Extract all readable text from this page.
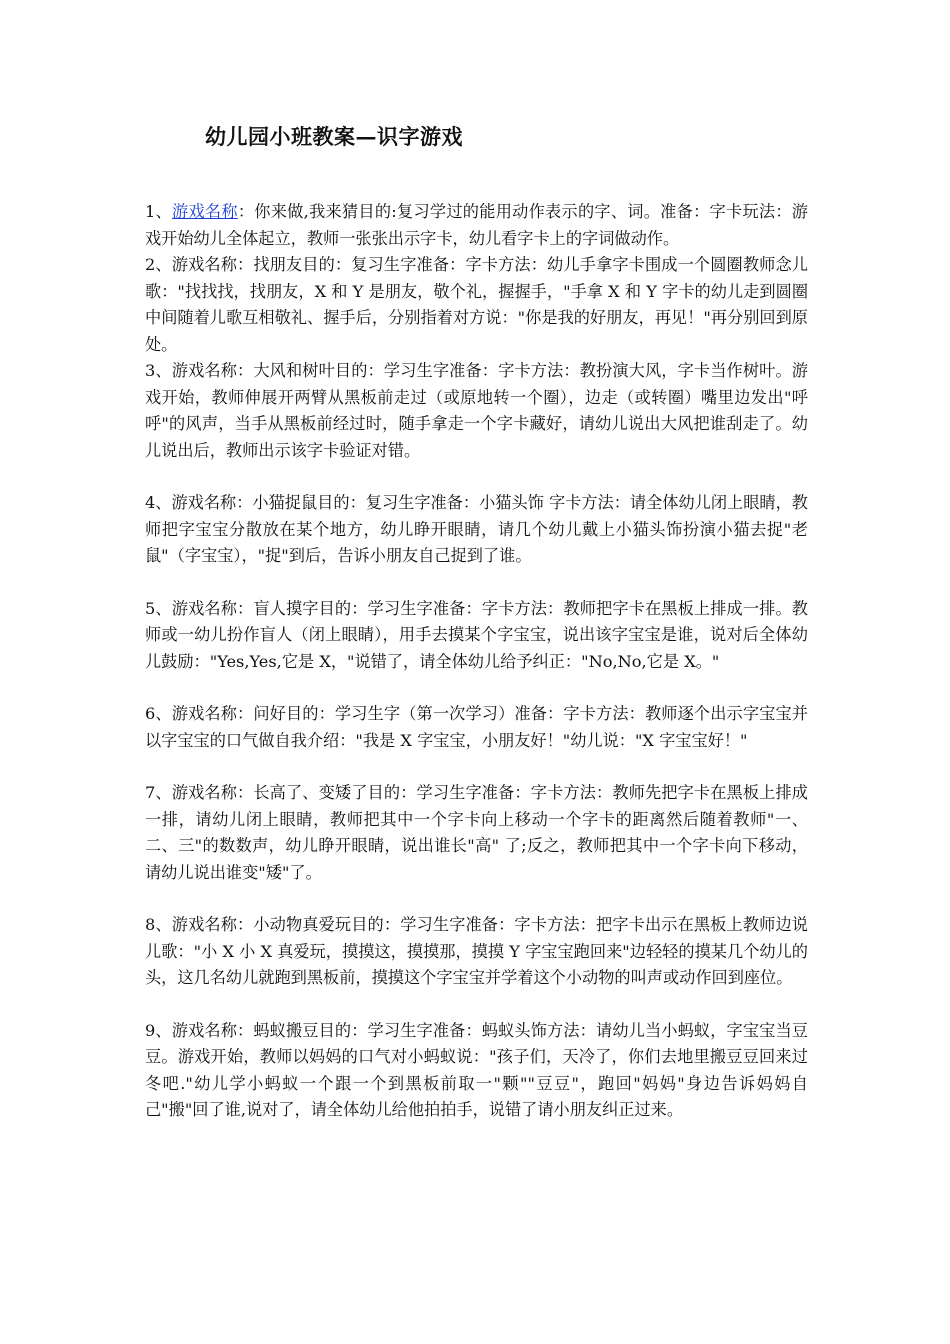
幼儿园小班教案—识字游戏

1、游戏名称：你来做,我来猜目的:复习学过的能用动作表示的字、词。准备：字卡玩法：游戏开始幼儿全体起立，教师一张张出示字卡，幼儿看字卡上的字词做动作。

2、游戏名称：找朋友目的：复习生字准备：字卡方法：幼儿手拿字卡围成一个圆圈教师念儿歌："找找找，找朋友，X 和 Y 是朋友，敬个礼，握握手，"手拿 X 和 Y 字卡的幼儿走到圆圈中间随着儿歌互相敬礼、握手后，分别指着对方说："你是我的好朋友，再见！"再分别回到原处。

3、游戏名称：大风和树叶目的：学习生字准备：字卡方法：教扮演大风，字卡当作树叶。游戏开始，教师伸展开两臂从黑板前走过（或原地转一个圈），边走（或转圈）嘴里边发出"呼呼"的风声，当手从黑板前经过时，随手拿走一个字卡藏好，请幼儿说出大风把谁刮走了。幼儿说出后，教师出示该字卡验证对错。

4、游戏名称：小猫捉鼠目的：复习生字准备：小猫头饰 字卡方法：请全体幼儿闭上眼睛，教师把字宝宝分散放在某个地方，幼儿睁开眼睛，请几个幼儿戴上小猫头饰扮演小猫去捉"老鼠"（字宝宝），"捉"到后，告诉小朋友自己捉到了谁。

5、游戏名称：盲人摸字目的：学习生字准备：字卡方法：教师把字卡在黑板上排成一排。教师或一幼儿扮作盲人（闭上眼睛），用手去摸某个字宝宝，说出该字宝宝是谁，说对后全体幼儿鼓励："Yes,Yes,它是 X，"说错了，请全体幼儿给予纠正："No,No,它是 X。"

6、游戏名称：问好目的：学习生字（第一次学习）准备：字卡方法：教师逐个出示字宝宝并以字宝宝的口气做自我介绍："我是 X 字宝宝，小朋友好！"幼儿说："X 字宝宝好！"

7、游戏名称：长高了、变矮了目的：学习生字准备：字卡方法：教师先把字卡在黑板上排成一排，请幼儿闭上眼睛，教师把其中一个字卡向上移动一个字卡的距离然后随着教师"一、二、三"的数数声，幼儿睁开眼睛，说出谁长"高" 了;反之，教师把其中一个字卡向下移动，请幼儿说出谁变"矮"了。

8、游戏名称：小动物真爱玩目的：学习生字准备：字卡方法：把字卡出示在黑板上教师边说儿歌："小 X 小 X 真爱玩，摸摸这，摸摸那，摸摸 Y 字宝宝跑回来"边轻轻的摸某几个幼儿的头，这几名幼儿就跑到黑板前，摸摸这个字宝宝并学着这个小动物的叫声或动作回到座位。

9、游戏名称：蚂蚁搬豆目的：学习生字准备：蚂蚁头饰方法：请幼儿当小蚂蚁，字宝宝当豆豆。游戏开始，教师以妈妈的口气对小蚂蚁说："孩子们，天冷了，你们去地里搬豆豆回来过冬吧."幼儿学小蚂蚁一个跟一个到黑板前取一"颗""豆豆"，跑回"妈妈"身边告诉妈妈自己"搬"回了谁,说对了，请全体幼儿给他拍拍手，说错了请小朋友纠正过来。
